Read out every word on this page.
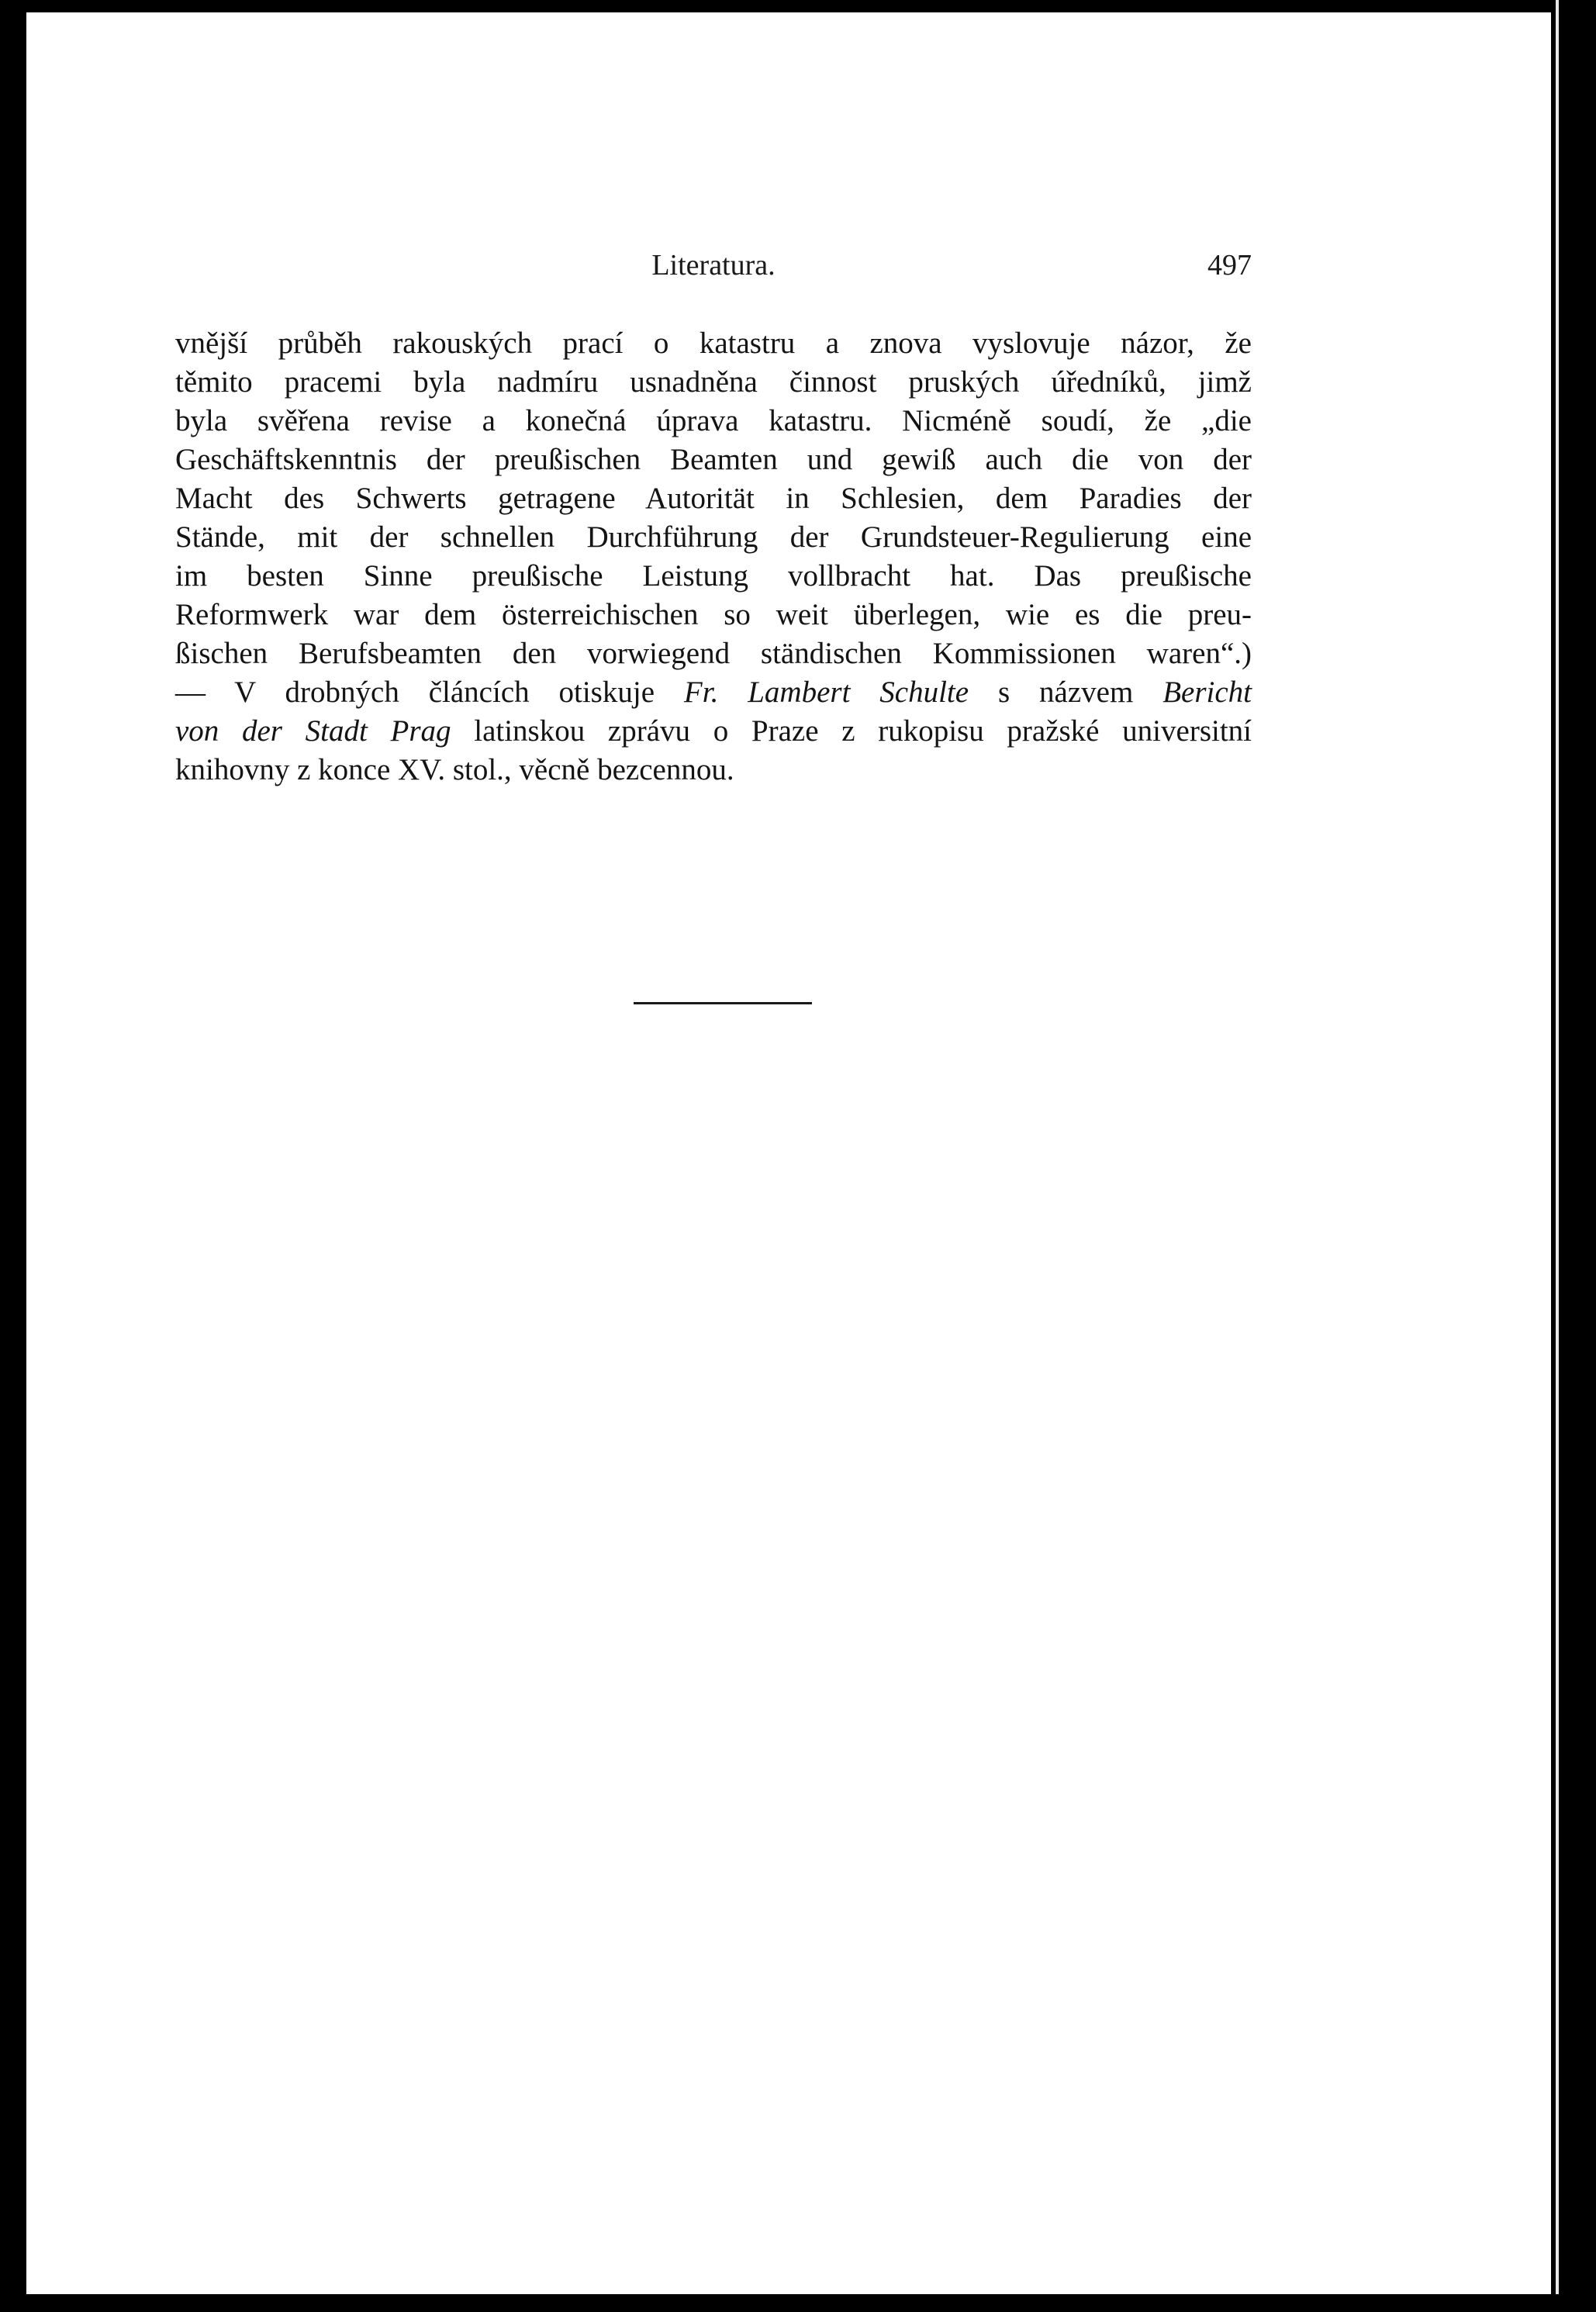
Literatura.	497
vnější průběh rakouských prací o katastru a znova vyslovuje názor, že
těmito pracemi byla nadmíru usnadněna činnost pruských úředníků, jimž
byla svěřena revise a konečná úprava katastru. Nicméně soudí, že „die
Geschäftskenntnis der preußischen Beamten und gewiß auch die von der
Macht des Schwerts getragene Autorität in Schlesien, dem Paradies der
Stände, mit der schnellen Durchführung der Grundsteuer-Regulierung eine
im besten Sinne preußische Leistung vollbracht hat. Das preußische
Reformwerk war dem österreichischen so weit überlegen, wie es die preu-
ßischen Berufsbeamten den vorwiegend ständischen Kommissionen waren“.)
— V drobných článcích otiskuje Fr. Lambert Schulte s názvem Bericht
von der Stadt Prag latinskou zprávu o Praze z rukopisu pražské universitní
knihovny z konce XV. stol., věcně bezcennou.
